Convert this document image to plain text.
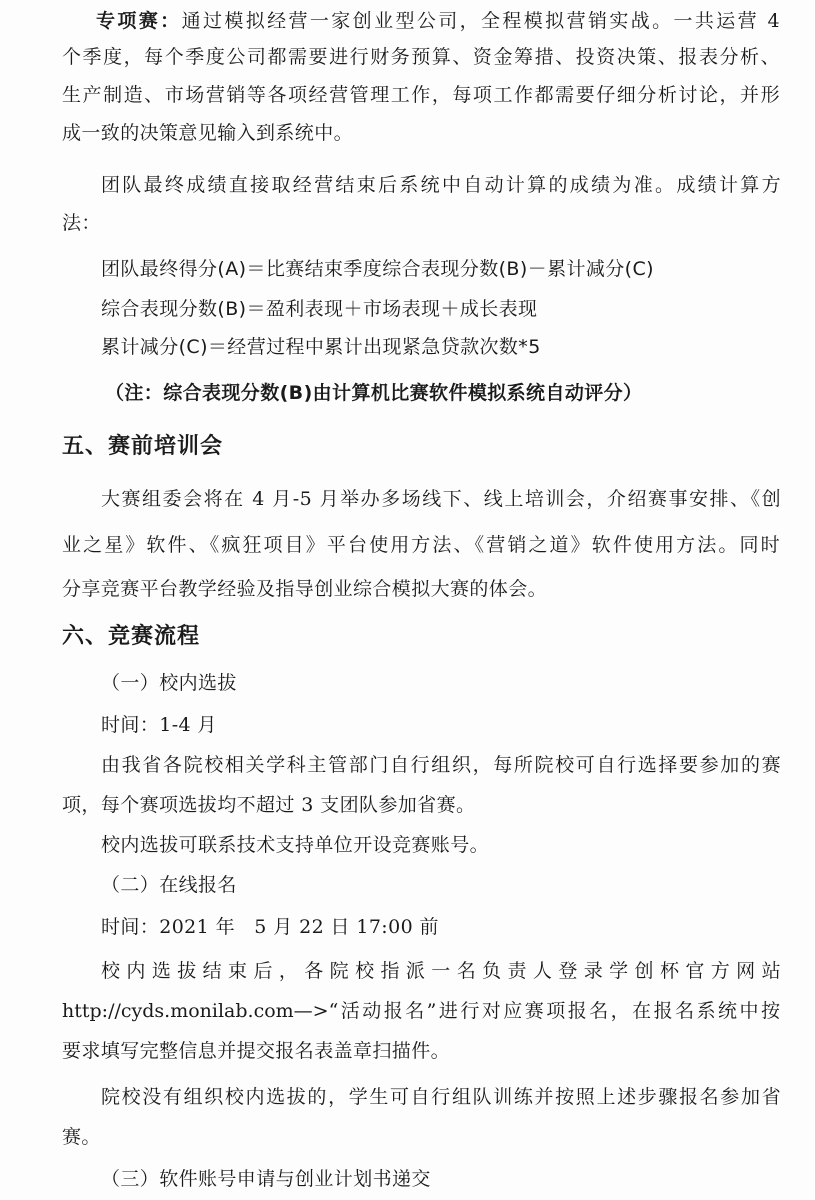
专项赛：通过模拟经营一家创业型公司，全程模拟营销实战。一共运营 4
个季度，每个季度公司都需要进行财务预算、资金筹措、投资决策、报表分析、
生产制造、市场营销等各项经营管理工作，每项工作都需要仔细分析讨论，并形
成一致的决策意见输入到系统中。
团队最终成绩直接取经营结束后系统中自动计算的成绩为准。成绩计算方
法：
团队最终得分(A)＝比赛结束季度综合表现分数(B)－累计减分(C)
综合表现分数(B)＝盈利表现＋市场表现＋成长表现
累计减分(C)＝经营过程中累计出现紧急贷款次数*5
（注：综合表现分数(B)由计算机比赛软件模拟系统自动评分）
五、赛前培训会
大赛组委会将在 4 月-5 月举办多场线下、线上培训会，介绍赛事安排、《创
业之星》软件、《疯狂项目》平台使用方法、《营销之道》软件使用方法。同时
分享竞赛平台教学经验及指导创业综合模拟大赛的体会。
六、竞赛流程
（一）校内选拔
时间：1-4 月
由我省各院校相关学科主管部门自行组织，每所院校可自行选择要参加的赛
项，每个赛项选拔均不超过 3 支团队参加省赛。
校内选拔可联系技术支持单位开设竞赛账号。
（二）在线报名
时间：2021 年   5 月 22 日 17:00 前
校内选拔结束后，各院校指派一名负责人登录学创杯官方网站
http://cyds.monilab.com—>“活动报名”进行对应赛项报名，在报名系统中按
要求填写完整信息并提交报名表盖章扫描件。
院校没有组织校内选拔的，学生可自行组队训练并按照上述步骤报名参加省
赛。
（三）软件账号申请与创业计划书递交
